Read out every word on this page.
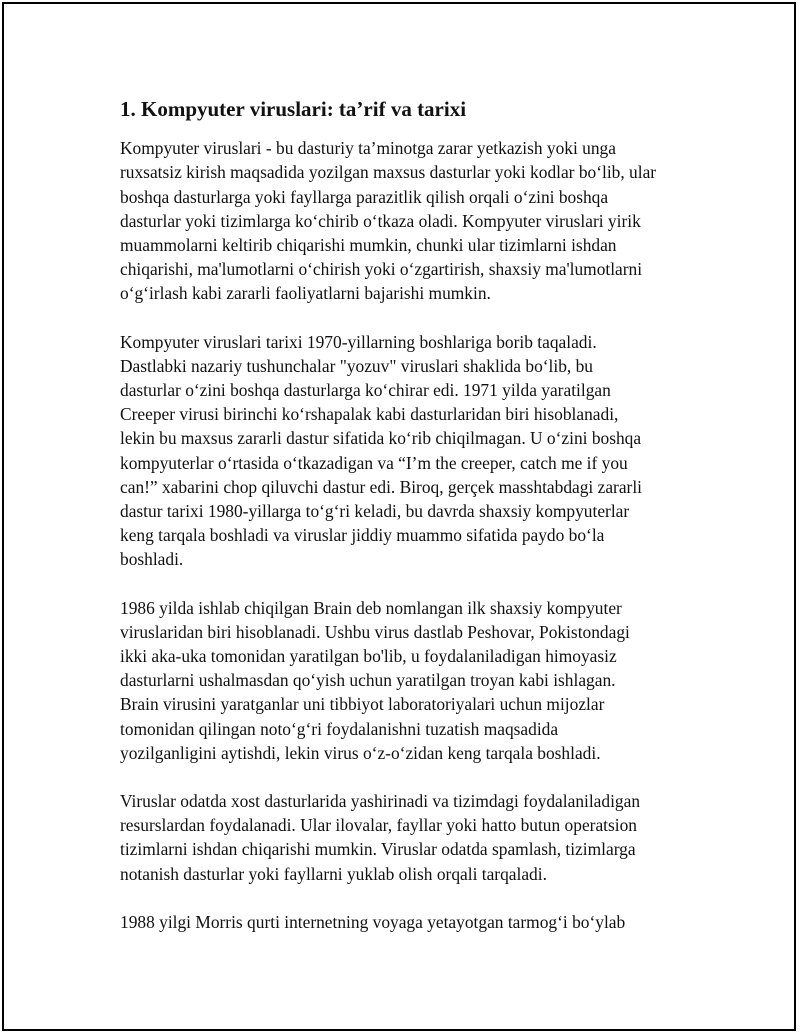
1. Kompyuter viruslari: ta’rif va tarixi

Kompyuter viruslari - bu dasturiy ta’minotga zarar yetkazish yoki unga
ruxsatsiz kirish maqsadida yozilgan maxsus dasturlar yoki kodlar boʻlib, ular
boshqa dasturlarga yoki fayllarga parazitlik qilish orqali oʻzini boshqa
dasturlar yoki tizimlarga koʻchirib oʻtkaza oladi. Kompyuter viruslari yirik
muammolarni keltirib chiqarishi mumkin, chunki ular tizimlarni ishdan
chiqarishi, ma'lumotlarni oʻchirish yoki oʻzgartirish, shaxsiy ma'lumotlarni
oʻgʻirlash kabi zararli faoliyatlarni bajarishi mumkin.

Kompyuter viruslari tarixi 1970-yillarning boshlariga borib taqaladi.
Dastlabki nazariy tushunchalar "yozuv" viruslari shaklida boʻlib, bu
dasturlar oʻzini boshqa dasturlarga koʻchirar edi. 1971 yilda yaratilgan
Creeper virusi birinchi koʻrshapalak kabi dasturlaridan biri hisoblanadi,
lekin bu maxsus zararli dastur sifatida koʻrib chiqilmagan. U oʻzini boshqa
kompyuterlar oʻrtasida oʻtkazadigan va “I’m the creeper, catch me if you
can!” xabarini chop qiluvchi dastur edi. Biroq, gerçek masshtabdagi zararli
dastur tarixi 1980-yillarga toʻgʻri keladi, bu davrda shaxsiy kompyuterlar
keng tarqala boshladi va viruslar jiddiy muammo sifatida paydo boʻla
boshladi.

1986 yilda ishlab chiqilgan Brain deb nomlangan ilk shaxsiy kompyuter
viruslaridan biri hisoblanadi. Ushbu virus dastlab Peshovar, Pokistondagi
ikki aka-uka tomonidan yaratilgan bo'lib, u foydalaniladigan himoyasiz
dasturlarni ushalmasdan qoʻyish uchun yaratilgan troyan kabi ishlagan.
Brain virusini yaratganlar uni tibbiyot laboratoriyalari uchun mijozlar
tomonidan qilingan notoʻgʻri foydalanishni tuzatish maqsadida
yozilganligini aytishdi, lekin virus oʻz-oʻzidan keng tarqala boshladi.

Viruslar odatda xost dasturlarida yashirinadi va tizimdagi foydalaniladigan
resurslardan foydalanadi. Ular ilovalar, fayllar yoki hatto butun operatsion
tizimlarni ishdan chiqarishi mumkin. Viruslar odatda spamlash, tizimlarga
notanish dasturlar yoki fayllarni yuklab olish orqali tarqaladi.

1988 yilgi Morris qurti internetning voyaga yetayotgan tarmogʻi boʻylab
